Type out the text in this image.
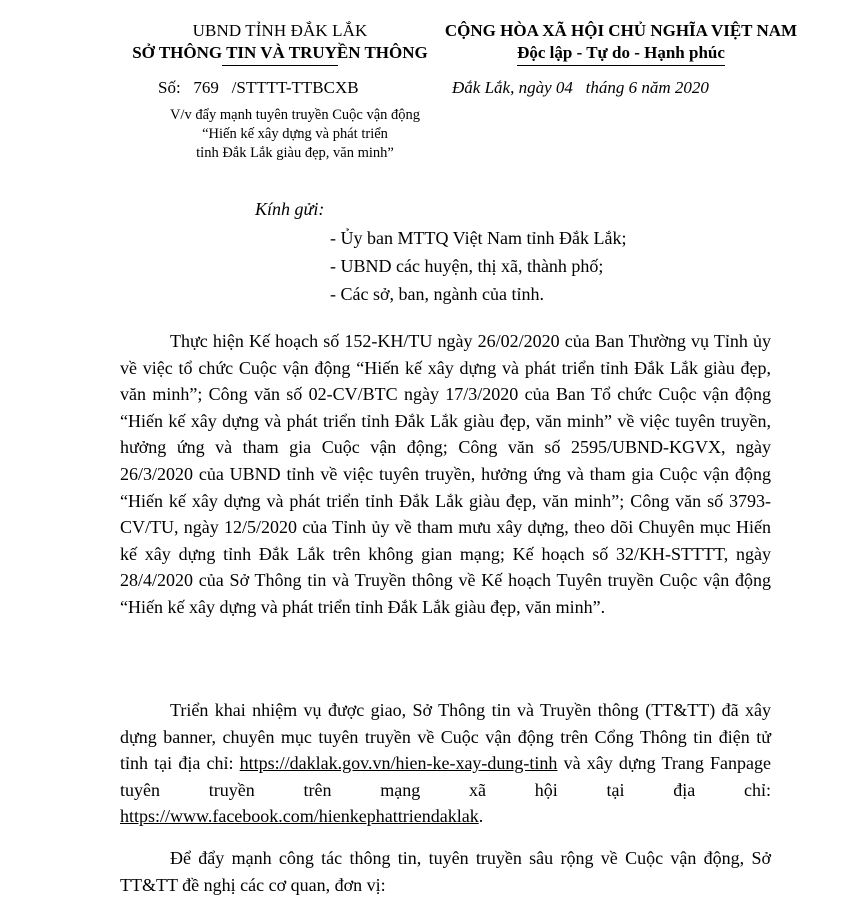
UBND TỈNH ĐẮK LẮK
SỞ THÔNG TIN VÀ TRUYỀN THÔNG
CỘNG HÒA XÃ HỘI CHỦ NGHĨA VIỆT NAM
Độc lập - Tự do - Hạnh phúc
Số:   769   /STTTT-TTBCXB	Đắk Lắk, ngày 04   tháng 6 năm 2020
V/v đẩy mạnh tuyên truyền Cuộc vận động
“Hiến kế xây dựng và phát triển
tỉnh Đắk Lắk giàu đẹp, văn minh”
Kính gửi:
- Ủy ban MTTQ Việt Nam tỉnh Đắk Lắk;
- UBND các huyện, thị xã, thành phố;
- Các sở, ban, ngành của tỉnh.

Thực hiện Kế hoạch số 152-KH/TU ngày 26/02/2020 của Ban Thường vụ Tỉnh ủy về việc tổ chức Cuộc vận động “Hiến kế xây dựng và phát triển tỉnh Đắk Lắk giàu đẹp, văn minh”; Công văn số 02-CV/BTC ngày 17/3/2020 của Ban Tổ chức Cuộc vận động “Hiến kế xây dựng và phát triển tỉnh Đắk Lắk giàu đẹp, văn minh” về việc tuyên truyền, hưởng ứng và tham gia Cuộc vận động; Công văn số 2595/UBND-KGVX, ngày 26/3/2020 của UBND tỉnh về việc tuyên truyền, hưởng ứng và tham gia Cuộc vận động “Hiến kế xây dựng và phát triển tỉnh Đắk Lắk giàu đẹp, văn minh”; Công văn số 3793-CV/TU, ngày 12/5/2020 của Tỉnh ủy về tham mưu xây dựng, theo dõi Chuyên mục Hiến kế xây dựng tỉnh Đắk Lắk trên không gian mạng; Kế hoạch số 32/KH-STTTT, ngày 28/4/2020 của Sở Thông tin và Truyền thông về Kế hoạch Tuyên truyền Cuộc vận động “Hiến kế xây dựng và phát triển tỉnh Đắk Lắk giàu đẹp, văn minh”.

Triển khai nhiệm vụ được giao, Sở Thông tin và Truyền thông (TT&TT) đã xây dựng banner, chuyên mục tuyên truyền về Cuộc vận động trên Cổng Thông tin điện tử tỉnh tại địa chỉ: https://daklak.gov.vn/hien-ke-xay-dung-tinh và xây dựng Trang Fanpage tuyên truyền trên mạng xã hội tại địa chỉ: https://www.facebook.com/hienkephattriendaklak.

Để đẩy mạnh công tác thông tin, tuyên truyền sâu rộng về Cuộc vận động, Sở TT&TT đề nghị các cơ quan, đơn vị:
